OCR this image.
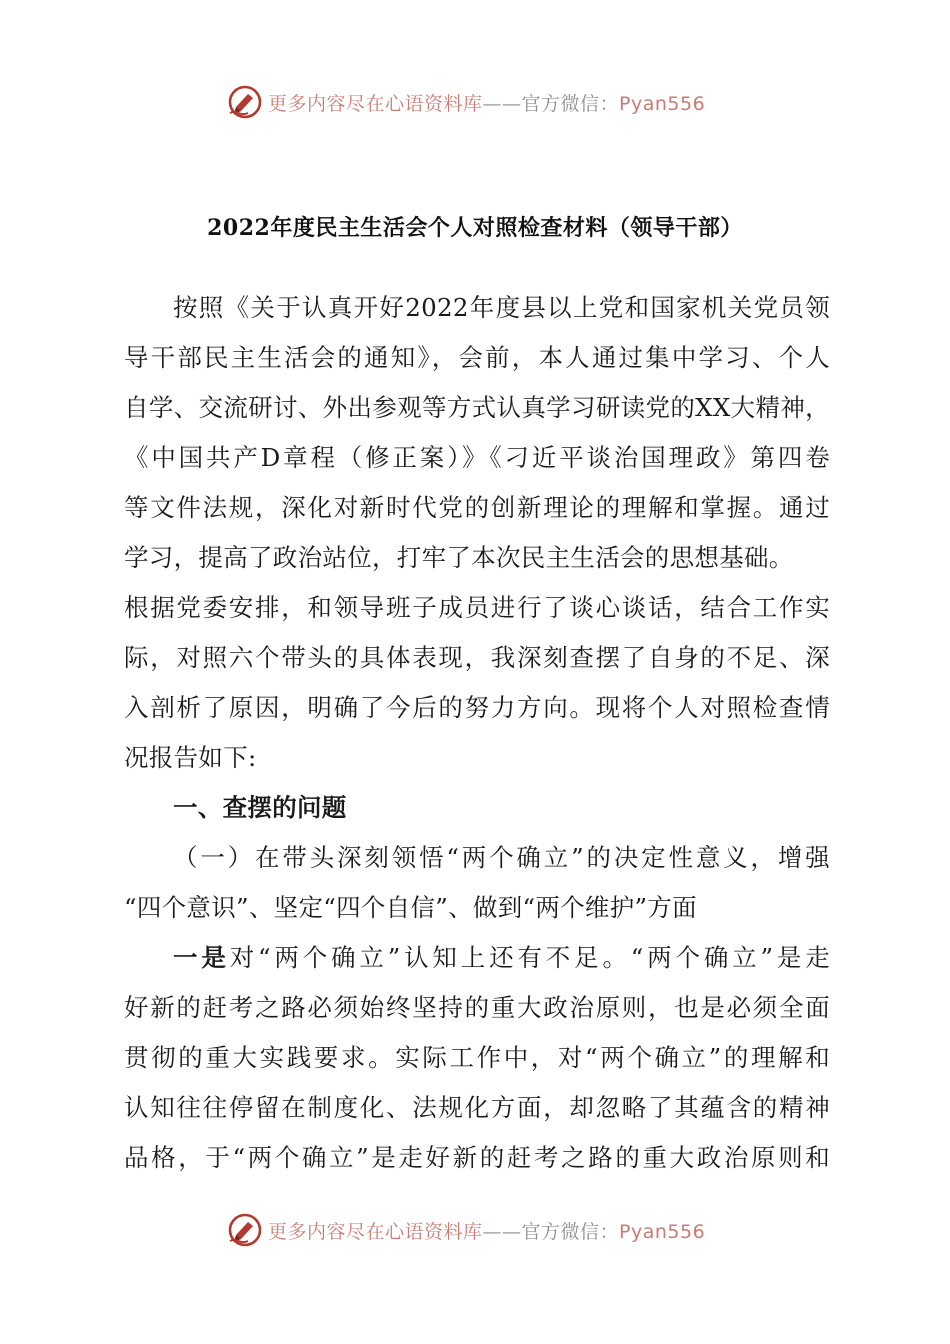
更多内容尽在心语资料库——官方微信：Pyan556
2022年度民主生活会个人对照检查材料（领导干部）
按照《关于认真开好2022年度县以上党和国家机关党员领
导干部民主生活会的通知》，会前，本人通过集中学习、个人
自学、交流研讨、外出参观等方式认真学习研读党的XX大精神，
《中国共产D章程（修正案）》《刁近平谈治国理政》第四卷
等文件法规，深化对新时代党的创新理论的理解和掌握。通过
学习，提高了政治站位，打牢了本次民主生活会的思想基础。
根据党委安排，和领导班子成员进行了谈心谈话，结合工作实
际，对照六个带头的具体表现，我深刻查摆了自身的不足、深
入剖析了原因，明确了今后的努力方向。现将个人对照检查情
况报告如下:
一、查摆的问题
（一）在带头深刻领悟“两个确立”的决定性意义，增强
“四个意识”、坚定“四个自信”、做到“两个维护”方面
一是对“两个确立”认知上还有不足。“两个确立”是走
好新的赶考之路必须始终坚持的重大政治原则，也是必须全面
贯彻的重大实践要求。实际工作中，对“两个确立”的理解和
认知往往停留在制度化、法规化方面，却忽略了其蕴含的精神
品格，于“两个确立”是走好新的赶考之路的重大政治原则和
更多内容尽在心语资料库——官方微信：Pyan556
